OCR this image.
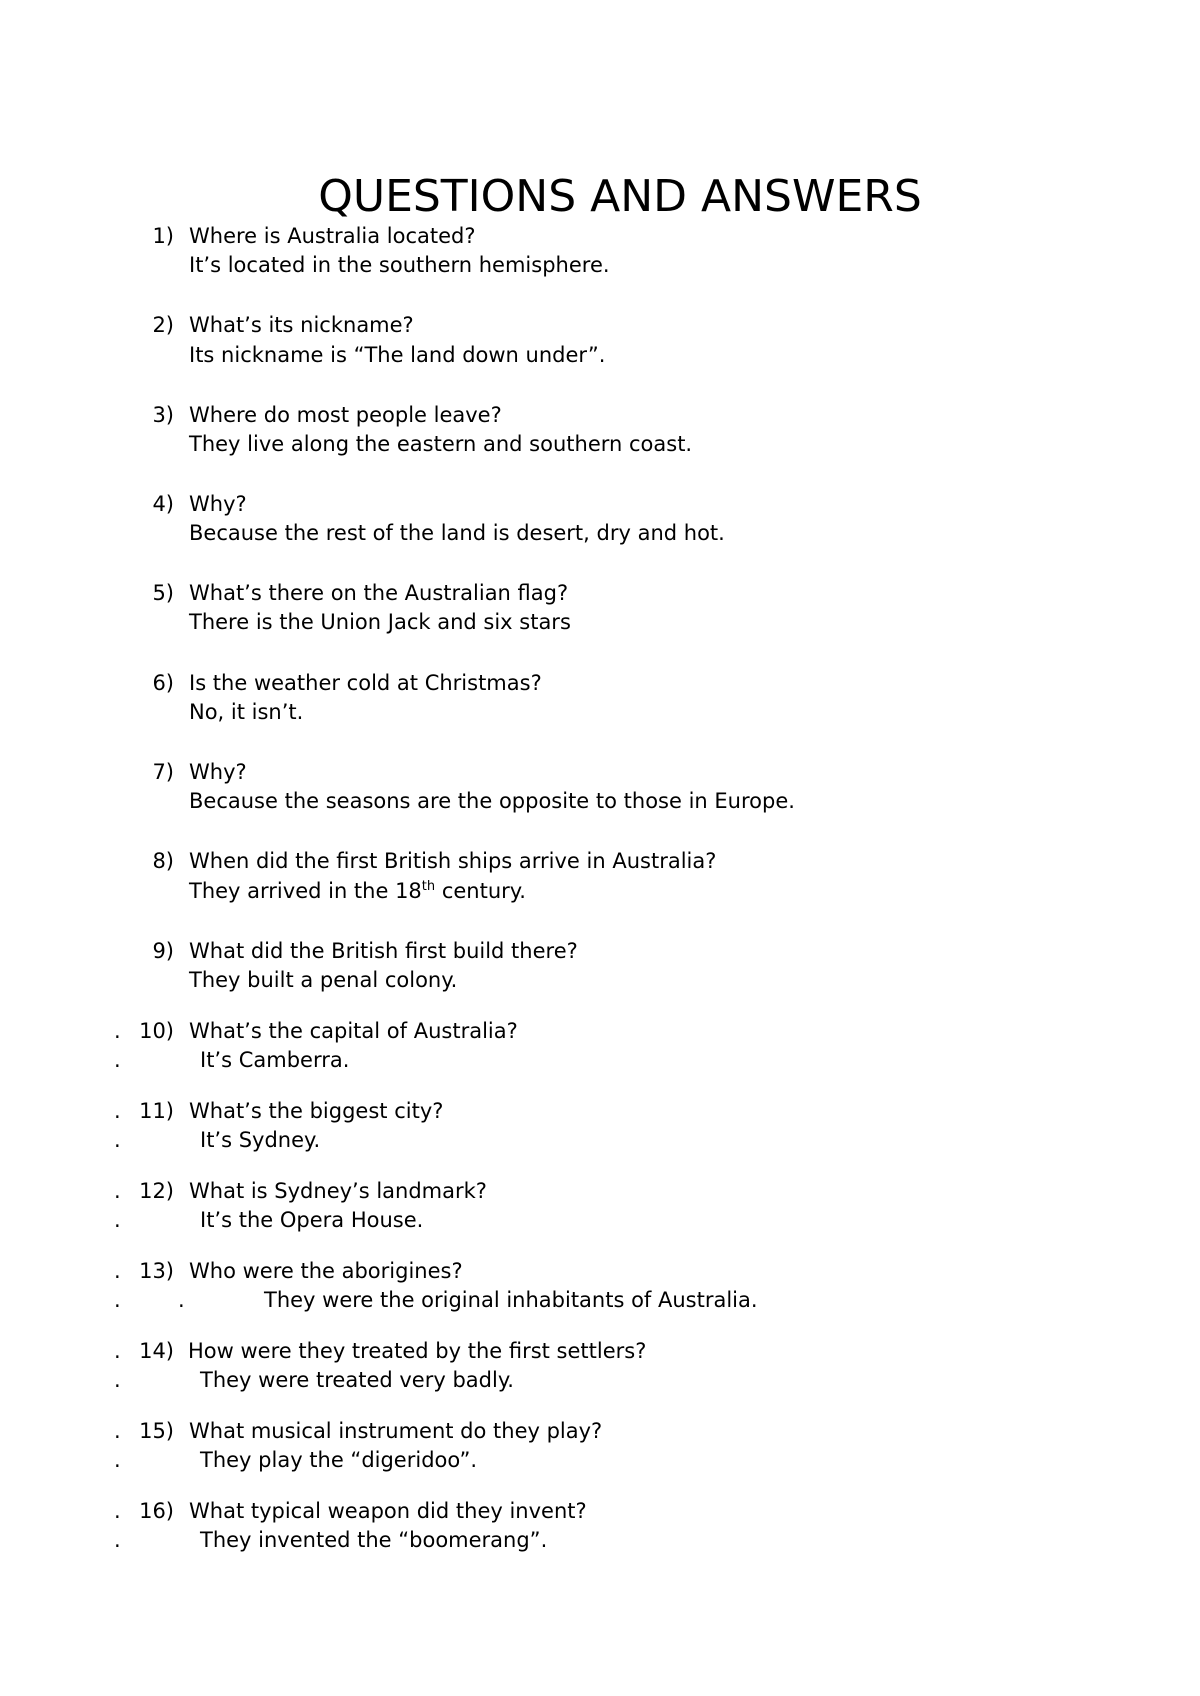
QUESTIONS AND ANSWERS
1) Where is Australia located?
It’s located in the southern hemisphere.
2) What’s its nickname?
Its nickname is “The land down under”.
3) Where do most people leave?
They live along the eastern and southern coast.
4) Why?
Because the rest of the land is desert, dry and hot.
5) What’s there on the Australian flag?
There is the Union Jack and six stars
6) Is the weather cold at Christmas?
No, it isn’t.
7) Why?
Because the seasons are the opposite to those in Europe.
8) When did the first British ships arrive in Australia?
They arrived in the 18th century.
9) What did the British first build there?
They built a penal colony.
. 10) What’s the capital of Australia?
.	It’s Camberra.
. 11) What’s the biggest city?
.	It’s Sydney.
. 12) What is Sydney’s landmark?
.	It’s the Opera House.
. 13) Who were the aborigines?
.	.	They were the original inhabitants of Australia.
. 14) How were they treated by the first settlers?
.	They were treated very badly.
. 15) What musical instrument do they play?
.	They play the “digeridoo”.
. 16) What typical weapon did they invent?
.	They invented the “boomerang”.
